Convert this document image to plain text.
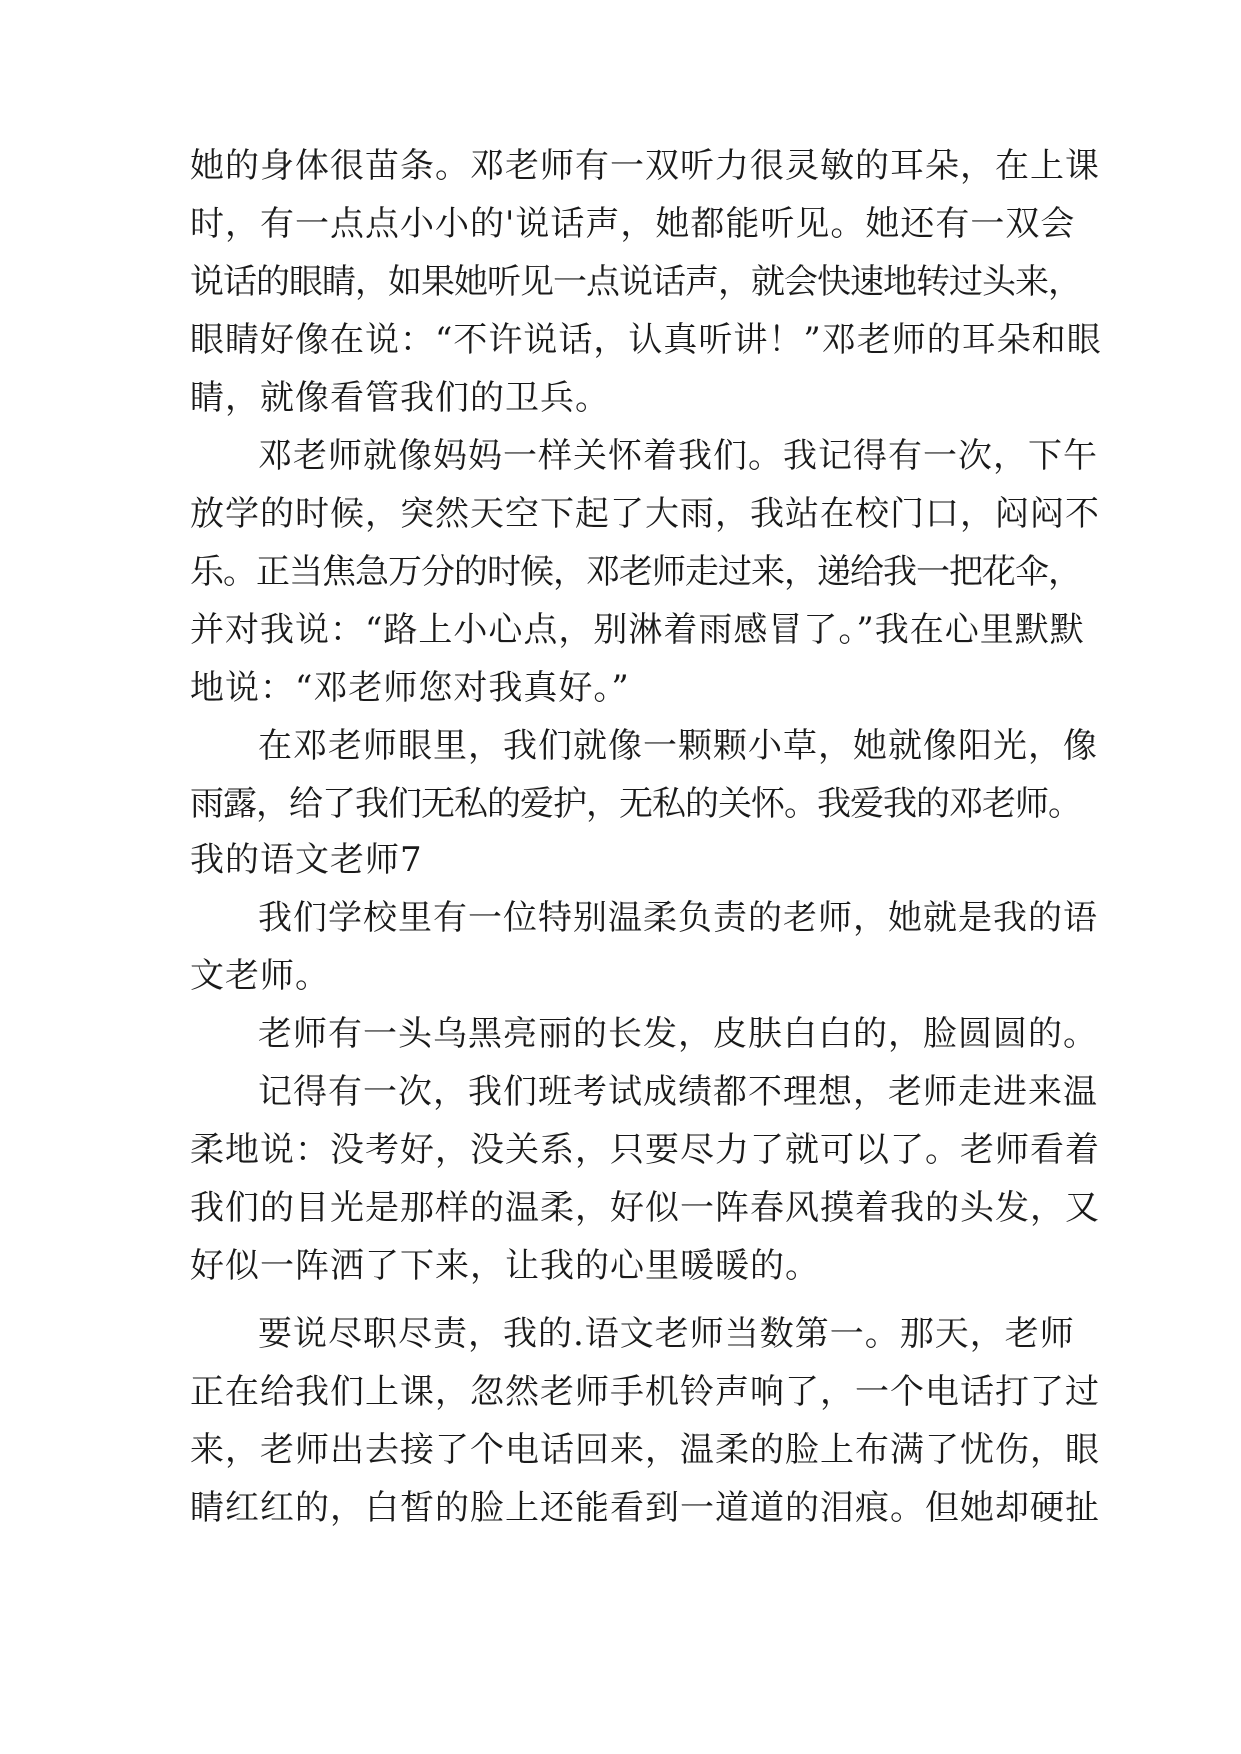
她的身体很苗条。邓老师有一双听力很灵敏的耳朵，在上课
时，有一点点小小的'说话声，她都能听见。她还有一双会
说话的眼睛，如果她听见一点说话声，就会快速地转过头来，
眼睛好像在说：“不许说话，认真听讲！”邓老师的耳朵和眼
睛，就像看管我们的卫兵。
邓老师就像妈妈一样关怀着我们。我记得有一次，下午
放学的时候，突然天空下起了大雨，我站在校门口，闷闷不
乐。正当焦急万分的时候，邓老师走过来，递给我一把花伞，
并对我说：“路上小心点，别淋着雨感冒了。”我在心里默默
地说：“邓老师您对我真好。”
在邓老师眼里，我们就像一颗颗小草，她就像阳光，像
雨露，给了我们无私的爱护，无私的关怀。我爱我的邓老师。
我的语文老师7
我们学校里有一位特别温柔负责的老师，她就是我的语
文老师。
老师有一头乌黑亮丽的长发，皮肤白白的，脸圆圆的。
记得有一次，我们班考试成绩都不理想，老师走进来温
柔地说：没考好，没关系，只要尽力了就可以了。老师看着
我们的目光是那样的温柔，好似一阵春风摸着我的头发，又
好似一阵洒了下来，让我的心里暖暖的。
要说尽职尽责，我的.语文老师当数第一。那天，老师
正在给我们上课，忽然老师手机铃声响了，一个电话打了过
来，老师出去接了个电话回来，温柔的脸上布满了忧伤，眼
睛红红的，白皙的脸上还能看到一道道的泪痕。但她却硬扯
